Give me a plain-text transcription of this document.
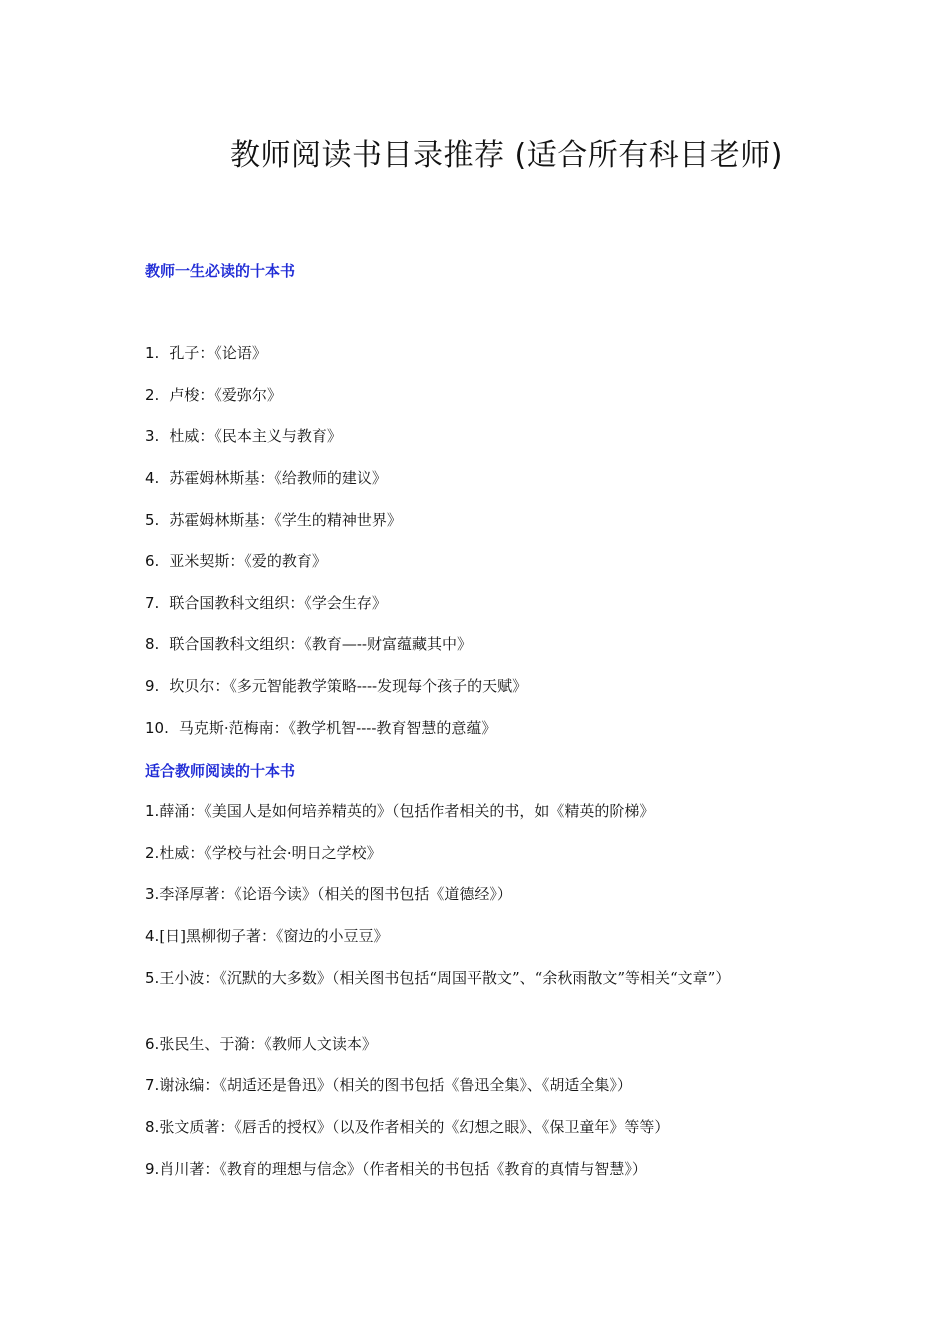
教师阅读书目录推荐 (适合所有科目老师)
教师一生必读的十本书
1. 孔子：《论语》
2. 卢梭：《爱弥尔》
3. 杜威：《民本主义与教育》
4. 苏霍姆林斯基：《给教师的建议》
5. 苏霍姆林斯基：《学生的精神世界》
6. 亚米契斯：《爱的教育》
7. 联合国教科文组织：《学会生存》
8. 联合国教科文组织：《教育—--财富蕴藏其中》
9. 坎贝尔：《多元智能教学策略----发现每个孩子的天赋》
10. 马克斯·范梅南：《教学机智----教育智慧的意蕴》
适合教师阅读的十本书
1.薛涌：《美国人是如何培养精英的》（包括作者相关的书，如《精英的阶梯》
2.杜威：《学校与社会·明日之学校》
3.李泽厚著：《论语今读》（相关的图书包括《道德经》）
4.[日]黑柳彻子著：《窗边的小豆豆》
5.王小波：《沉默的大多数》（相关图书包括“周国平散文”、“余秋雨散文”等相关“文章”）
6.张民生、于漪：《教师人文读本》
7.谢泳编：《胡适还是鲁迅》（相关的图书包括《鲁迅全集》、《胡适全集》）
8.张文质著：《唇舌的授权》（以及作者相关的《幻想之眼》、《保卫童年》等等）
9.肖川著：《教育的理想与信念》（作者相关的书包括《教育的真情与智慧》）
